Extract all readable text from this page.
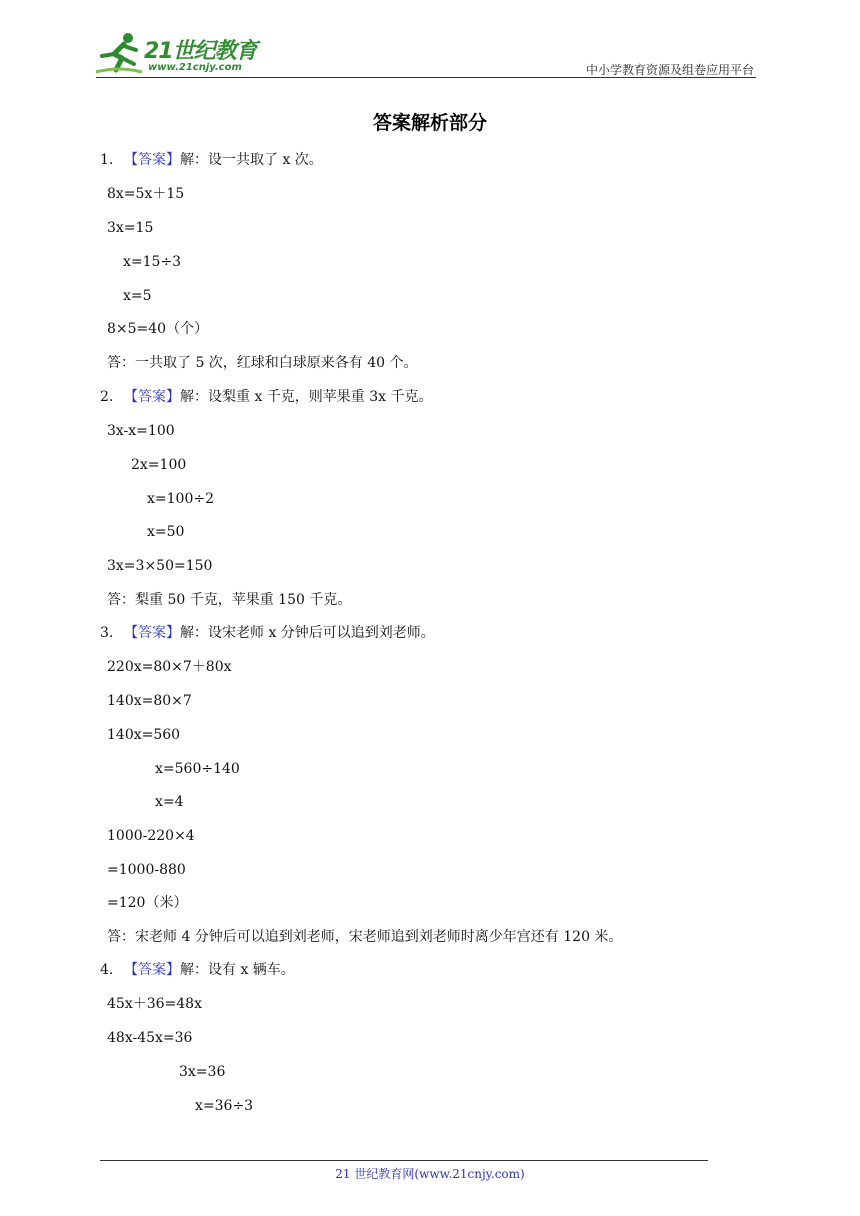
21世纪教育
www.21cnjy.com	中小学教育资源及组卷应用平台
答案解析部分
1. 【答案】解：设一共取了 x 次。
8x=5x＋15
3x=15
x=15÷3
x=5
8×5=40（个）
答：一共取了 5 次，红球和白球原来各有 40 个。
2. 【答案】解：设梨重 x 千克，则苹果重 3x 千克。
3x-x=100
2x=100
x=100÷2
x=50
3x=3×50=150
答：梨重 50 千克，苹果重 150 千克。
3. 【答案】解：设宋老师 x 分钟后可以追到刘老师。
220x=80×7＋80x
140x=80×7
140x=560
x=560÷140
x=4
1000-220×4
=1000-880
=120（米）
答：宋老师 4 分钟后可以追到刘老师，宋老师追到刘老师时离少年宫还有 120 米。
4. 【答案】解：设有 x 辆车。
45x＋36=48x
48x-45x=36
3x=36
x=36÷3
21 世纪教育网(www.21cnjy.com)
